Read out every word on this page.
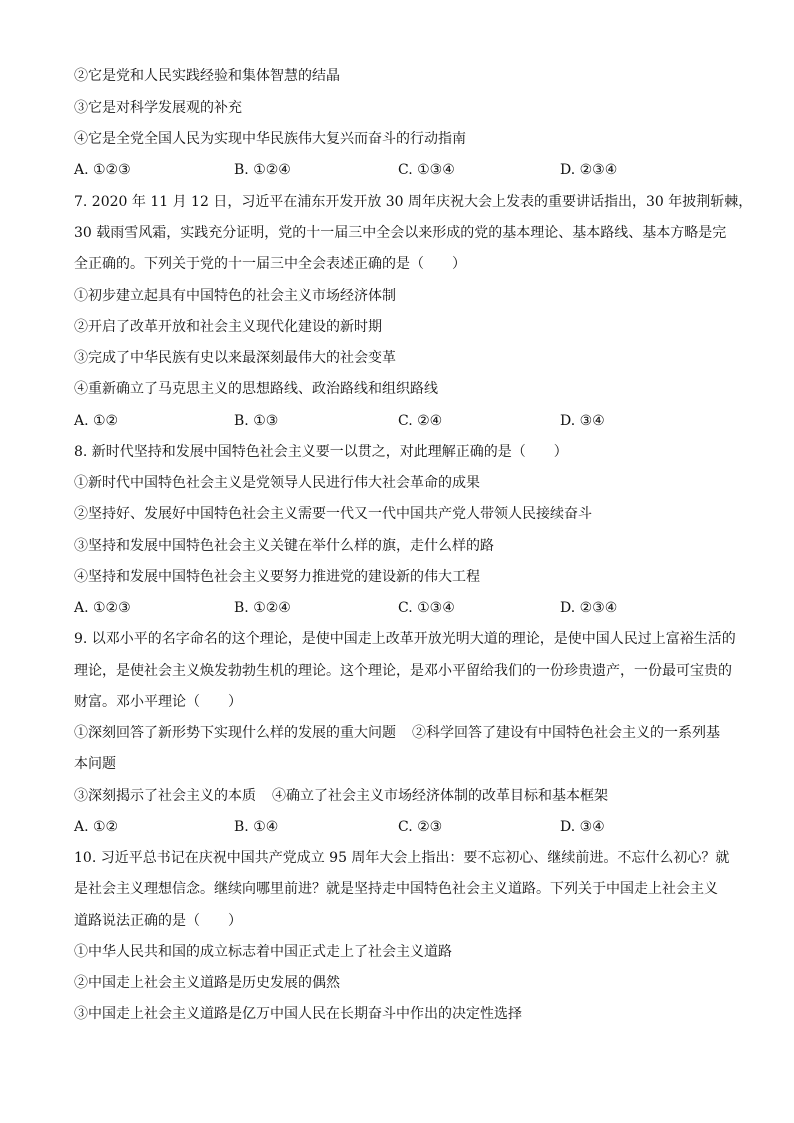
②它是党和人民实践经验和集体智慧的结晶
③它是对科学发展观的补充
④它是全党全国人民为实现中华民族伟大复兴而奋斗的行动指南
A. ①②③	B. ①②④	C. ①③④	D. ②③④
7. 2020 年 11 月 12 日，习近平在浦东开发开放 30 周年庆祝大会上发表的重要讲话指出，30 年披荆斩棘，
30 载雨雪风霜，实践充分证明，党的十一届三中全会以来形成的党的基本理论、基本路线、基本方略是完
全正确的。下列关于党的十一届三中全会表述正确的是（　　）
①初步建立起具有中国特色的社会主义市场经济体制
②开启了改革开放和社会主义现代化建设的新时期
③完成了中华民族有史以来最深刻最伟大的社会变革
④重新确立了马克思主义的思想路线、政治路线和组织路线
A. ①②	B. ①③	C. ②④	D. ③④
8. 新时代坚持和发展中国特色社会主义要一以贯之，对此理解正确的是（　　）
①新时代中国特色社会主义是党领导人民进行伟大社会革命的成果
②坚持好、发展好中国特色社会主义需要一代又一代中国共产党人带领人民接续奋斗
③坚持和发展中国特色社会主义关键在举什么样的旗，走什么样的路
④坚持和发展中国特色社会主义要努力推进党的建设新的伟大工程
A. ①②③	B. ①②④	C. ①③④	D. ②③④
9. 以邓小平的名字命名的这个理论，是使中国走上改革开放光明大道的理论，是使中国人民过上富裕生活的
理论，是使社会主义焕发勃勃生机的理论。这个理论，是邓小平留给我们的一份珍贵遗产，一份最可宝贵的
财富。邓小平理论（　　）
①深刻回答了新形势下实现什么样的发展的重大问题 ②科学回答了建设有中国特色社会主义的一系列基
本问题
③深刻揭示了社会主义的本质 ④确立了社会主义市场经济体制的改革目标和基本框架
A. ①②	B. ①④	C. ②③	D. ③④
10. 习近平总书记在庆祝中国共产党成立 95 周年大会上指出：要不忘初心、继续前进。不忘什么初心？就
是社会主义理想信念。继续向哪里前进？就是坚持走中国特色社会主义道路。下列关于中国走上社会主义
道路说法正确的是（　　）
①中华人民共和国的成立标志着中国正式走上了社会主义道路
②中国走上社会主义道路是历史发展的偶然
③中国走上社会主义道路是亿万中国人民在长期奋斗中作出的决定性选择
